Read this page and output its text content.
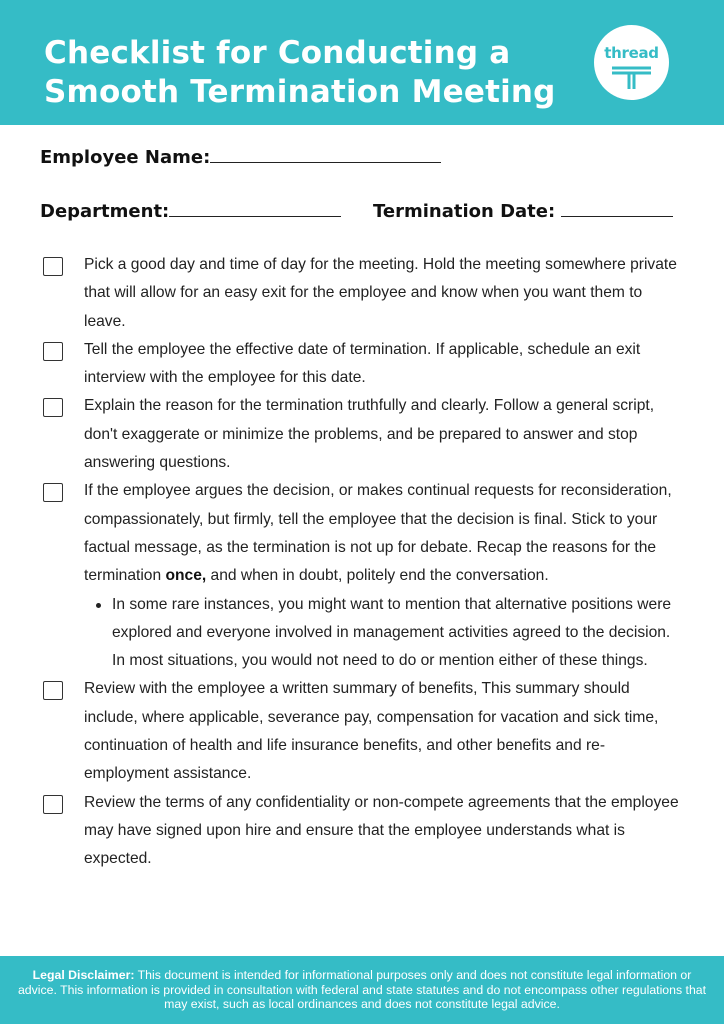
Checklist for Conducting a
Smooth Termination Meeting
thread
Employee Name:
Department:	Termination Date:
Pick a good day and time of day for the meeting. Hold the meeting somewhere private that will allow for an easy exit for the employee and know when you want them to leave.
Tell the employee the effective date of termination. If applicable, schedule an exit interview with the employee for this date.
Explain the reason for the termination truthfully and clearly. Follow a general script, don't exaggerate or minimize the problems, and be prepared to answer and stop answering questions.
If the employee argues the decision, or makes continual requests for reconsideration, compassionately, but firmly, tell the employee that the decision is final. Stick to your factual message, as the termination is not up for debate. Recap the reasons for the termination once, and when in doubt, politely end the conversation.
In some rare instances, you might want to mention that alternative positions were explored and everyone involved in management activities agreed to the decision. In most situations, you would not need to do or mention either of these things.
Review with the employee a written summary of benefits, This summary should include, where applicable, severance pay, compensation for vacation and sick time, continuation of health and life insurance benefits, and other benefits and re-employment assistance.
Review the terms of any confidentiality or non-compete agreements that the employee may have signed upon hire and ensure that the employee understands what is expected.
Legal Disclaimer: This document is intended for informational purposes only and does not constitute legal information or advice. This information is provided in consultation with federal and state statutes and do not encompass other regulations that may exist, such as local ordinances and does not constitute legal advice.
